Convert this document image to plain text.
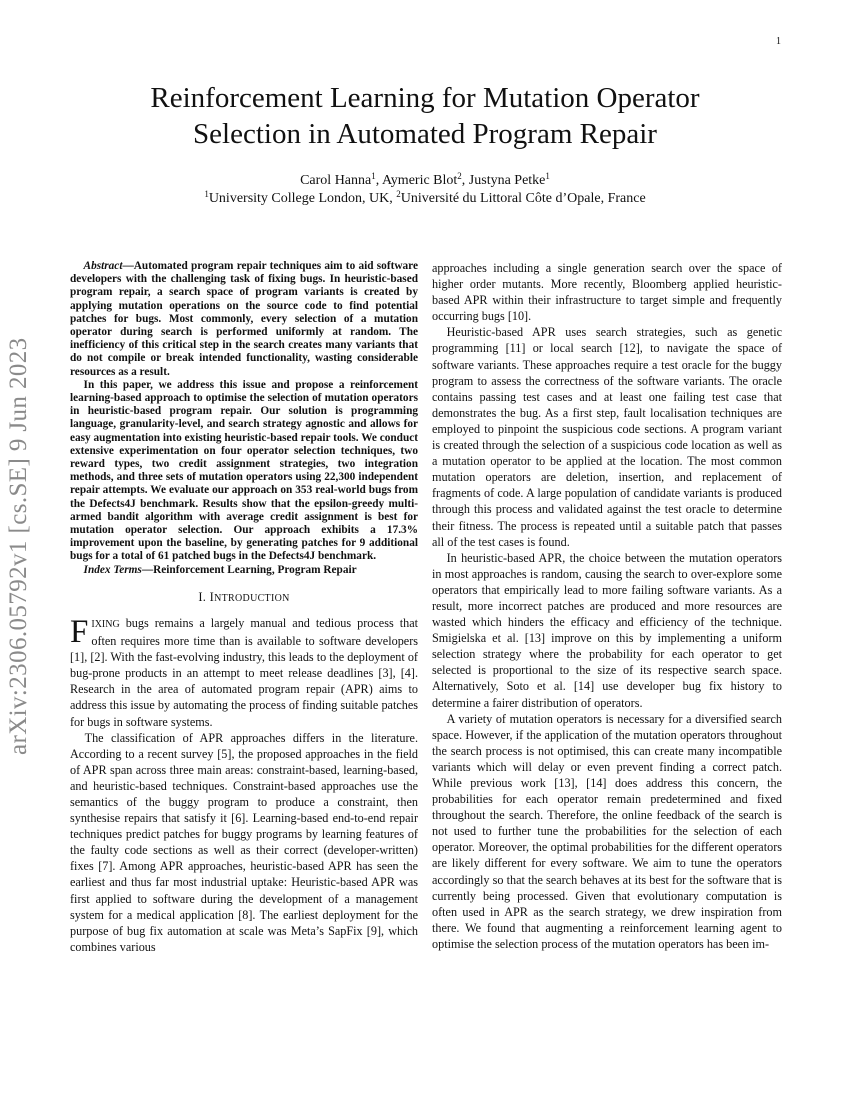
1
arXiv:2306.05792v1 [cs.SE] 9 Jun 2023
Reinforcement Learning for Mutation Operator
Selection in Automated Program Repair
Carol Hanna$^1$, Aymeric Blot$^2$, Justyna Petke$^1$
$^1$University College London, UK, $^2$Université du Littoral Côte d’Opale, France

Abstract—Automated program repair techniques aim to aid software developers with the challenging task of fixing bugs. In heuristic-based program repair, a search space of program variants is created by applying mutation operations on the source code to find potential patches for bugs. Most commonly, every selection of a mutation operator during search is performed uniformly at random. The inefficiency of this critical step in the search creates many variants that do not compile or break intended functionality, wasting considerable resources as a result.

In this paper, we address this issue and propose a reinforcement learning-based approach to optimise the selection of mutation operators in heuristic-based program repair. Our solution is programming language, granularity-level, and search strategy agnostic and allows for easy augmentation into existing heuristic-based repair tools. We conduct extensive experimentation on four operator selection techniques, two reward types, two credit assignment strategies, two integration methods, and three sets of mutation operators using 22,300 independent repair attempts. We evaluate our approach on 353 real-world bugs from the Defects4J benchmark. Results show that the epsilon-greedy multi-armed bandit algorithm with average credit assignment is best for mutation operator selection. Our approach exhibits a 17.3% improvement upon the baseline, by generating patches for 9 additional bugs for a total of 61 patched bugs in the Defects4J benchmark.

Index Terms—Reinforcement Learning, Program Repair

I. INTRODUCTION

FIXING bugs remains a largely manual and tedious process that often requires more time than is available to software developers [1], [2]. With the fast-evolving industry, this leads to the deployment of bug-prone products in an attempt to meet release deadlines [3], [4]. Research in the area of automated program repair (APR) aims to address this issue by automating the process of finding suitable patches for bugs in software systems.

The classification of APR approaches differs in the literature. According to a recent survey [5], the proposed approaches in the field of APR span across three main areas: constraint-based, learning-based, and heuristic-based techniques. Constraint-based approaches use the semantics of the buggy program to produce a constraint, then synthesise repairs that satisfy it [6]. Learning-based end-to-end repair techniques predict patches for buggy programs by learning features of the faulty code sections as well as their correct (developer-written) fixes [7]. Among APR approaches, heuristic-based APR has seen the earliest and thus far most industrial uptake: Heuristic-based APR was first applied to software during the development of a management system for a medical application [8]. The earliest deployment for the purpose of bug fix automation at scale was Meta’s SapFix [9], which combines various

approaches including a single generation search over the space of higher order mutants. More recently, Bloomberg applied heuristic-based APR within their infrastructure to target simple and frequently occurring bugs [10].

Heuristic-based APR uses search strategies, such as genetic programming [11] or local search [12], to navigate the space of software variants. These approaches require a test oracle for the buggy program to assess the correctness of the software variants. The oracle contains passing test cases and at least one failing test case that demonstrates the bug. As a first step, fault localisation techniques are employed to pinpoint the suspicious code sections. A program variant is created through the selection of a suspicious code location as well as a mutation operator to be applied at the location. The most common mutation operators are deletion, insertion, and replacement of fragments of code. A large population of candidate variants is produced through this process and validated against the test oracle to determine their fitness. The process is repeated until a suitable patch that passes all of the test cases is found.

In heuristic-based APR, the choice between the mutation operators in most approaches is random, causing the search to over-explore some operators that empirically lead to more failing software variants. As a result, more incorrect patches are produced and more resources are wasted which hinders the efficacy and efficiency of the technique. Smigielska et al. [13] improve on this by implementing a uniform selection strategy where the probability for each operator to get selected is proportional to the size of its respective search space. Alternatively, Soto et al. [14] use developer bug fix history to determine a fairer distribution of operators.

A variety of mutation operators is necessary for a diversified search space. However, if the application of the mutation operators throughout the search process is not optimised, this can create many incompatible variants which will delay or even prevent finding a correct patch. While previous work [13], [14] does address this concern, the probabilities for each operator remain predetermined and fixed throughout the search. Therefore, the online feedback of the search is not used to further tune the probabilities for the selection of each operator. Moreover, the optimal probabilities for the different operators are likely different for every software. We aim to tune the operators accordingly so that the search behaves at its best for the software that is currently being processed. Given that evolutionary computation is often used in APR as the search strategy, we drew inspiration from there. We found that augmenting a reinforcement learning agent to optimise the selection process of the mutation operators has been im-
